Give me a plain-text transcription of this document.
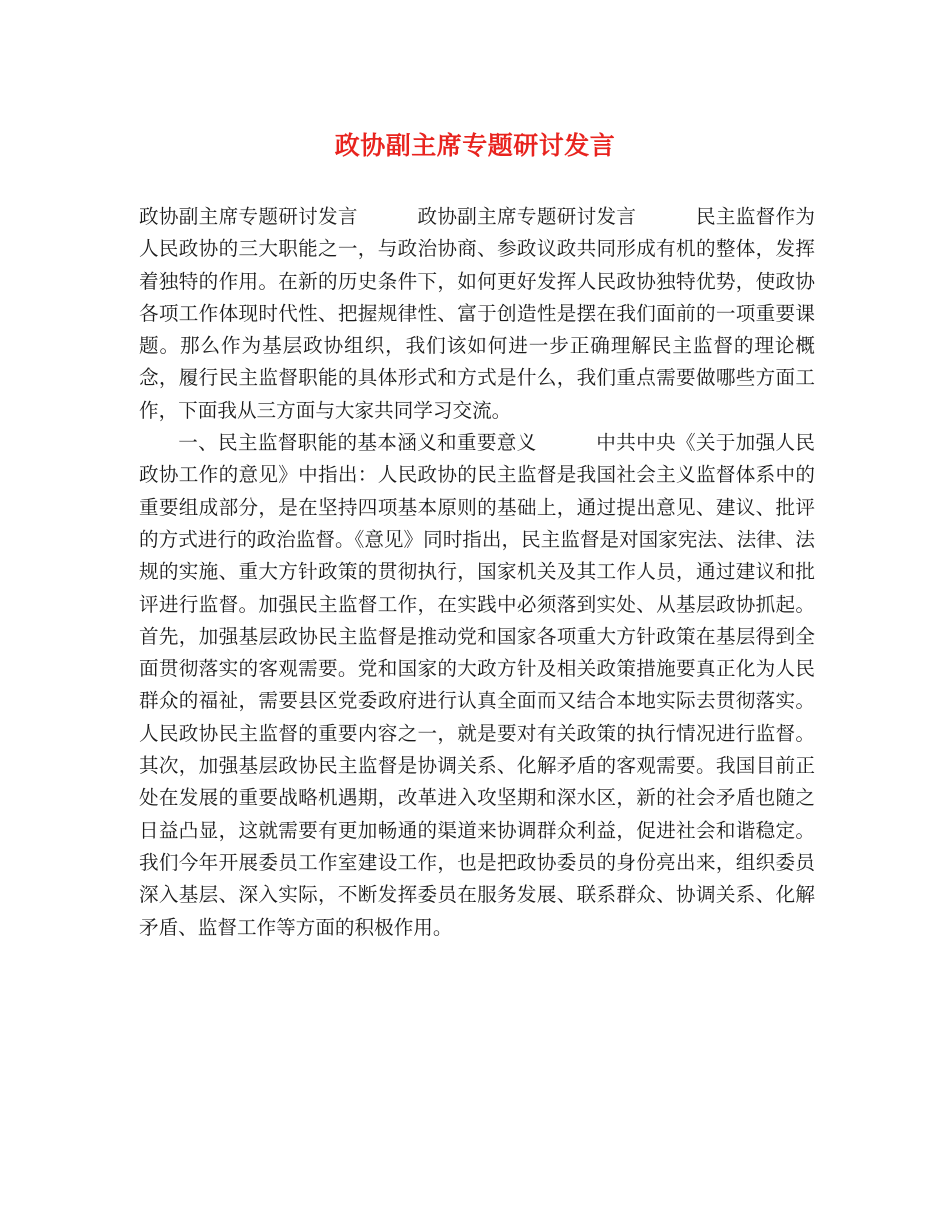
政协副主席专题研讨发言

政协副主席专题研讨发言　　　政协副主席专题研讨发言　　　民主监督作为人民政协的三大职能之一，与政治协商、参政议政共同形成有机的整体，发挥着独特的作用。在新的历史条件下，如何更好发挥人民政协独特优势，使政协各项工作体现时代性、把握规律性、富于创造性是摆在我们面前的一项重要课题。那么作为基层政协组织，我们该如何进一步正确理解民主监督的理论概念，履行民主监督职能的具体形式和方式是什么，我们重点需要做哪些方面工作，下面我从三方面与大家共同学习交流。

一、民主监督职能的基本涵义和重要意义　　　中共中央《关于加强人民政协工作的意见》中指出：人民政协的民主监督是我国社会主义监督体系中的重要组成部分，是在坚持四项基本原则的基础上，通过提出意见、建议、批评的方式进行的政治监督。《意见》同时指出，民主监督是对国家宪法、法律、法规的实施、重大方针政策的贯彻执行，国家机关及其工作人员，通过建议和批评进行监督。加强民主监督工作，在实践中必须落到实处、从基层政协抓起。首先，加强基层政协民主监督是推动党和国家各项重大方针政策在基层得到全面贯彻落实的客观需要。党和国家的大政方针及相关政策措施要真正化为人民群众的福祉，需要县区党委政府进行认真全面而又结合本地实际去贯彻落实。人民政协民主监督的重要内容之一，就是要对有关政策的执行情况进行监督。其次，加强基层政协民主监督是协调关系、化解矛盾的客观需要。我国目前正处在发展的重要战略机遇期，改革进入攻坚期和深水区，新的社会矛盾也随之日益凸显，这就需要有更加畅通的渠道来协调群众利益，促进社会和谐稳定。我们今年开展委员工作室建设工作，也是把政协委员的身份亮出来，组织委员深入基层、深入实际，不断发挥委员在服务发展、联系群众、协调关系、化解矛盾、监督工作等方面的积极作用。
